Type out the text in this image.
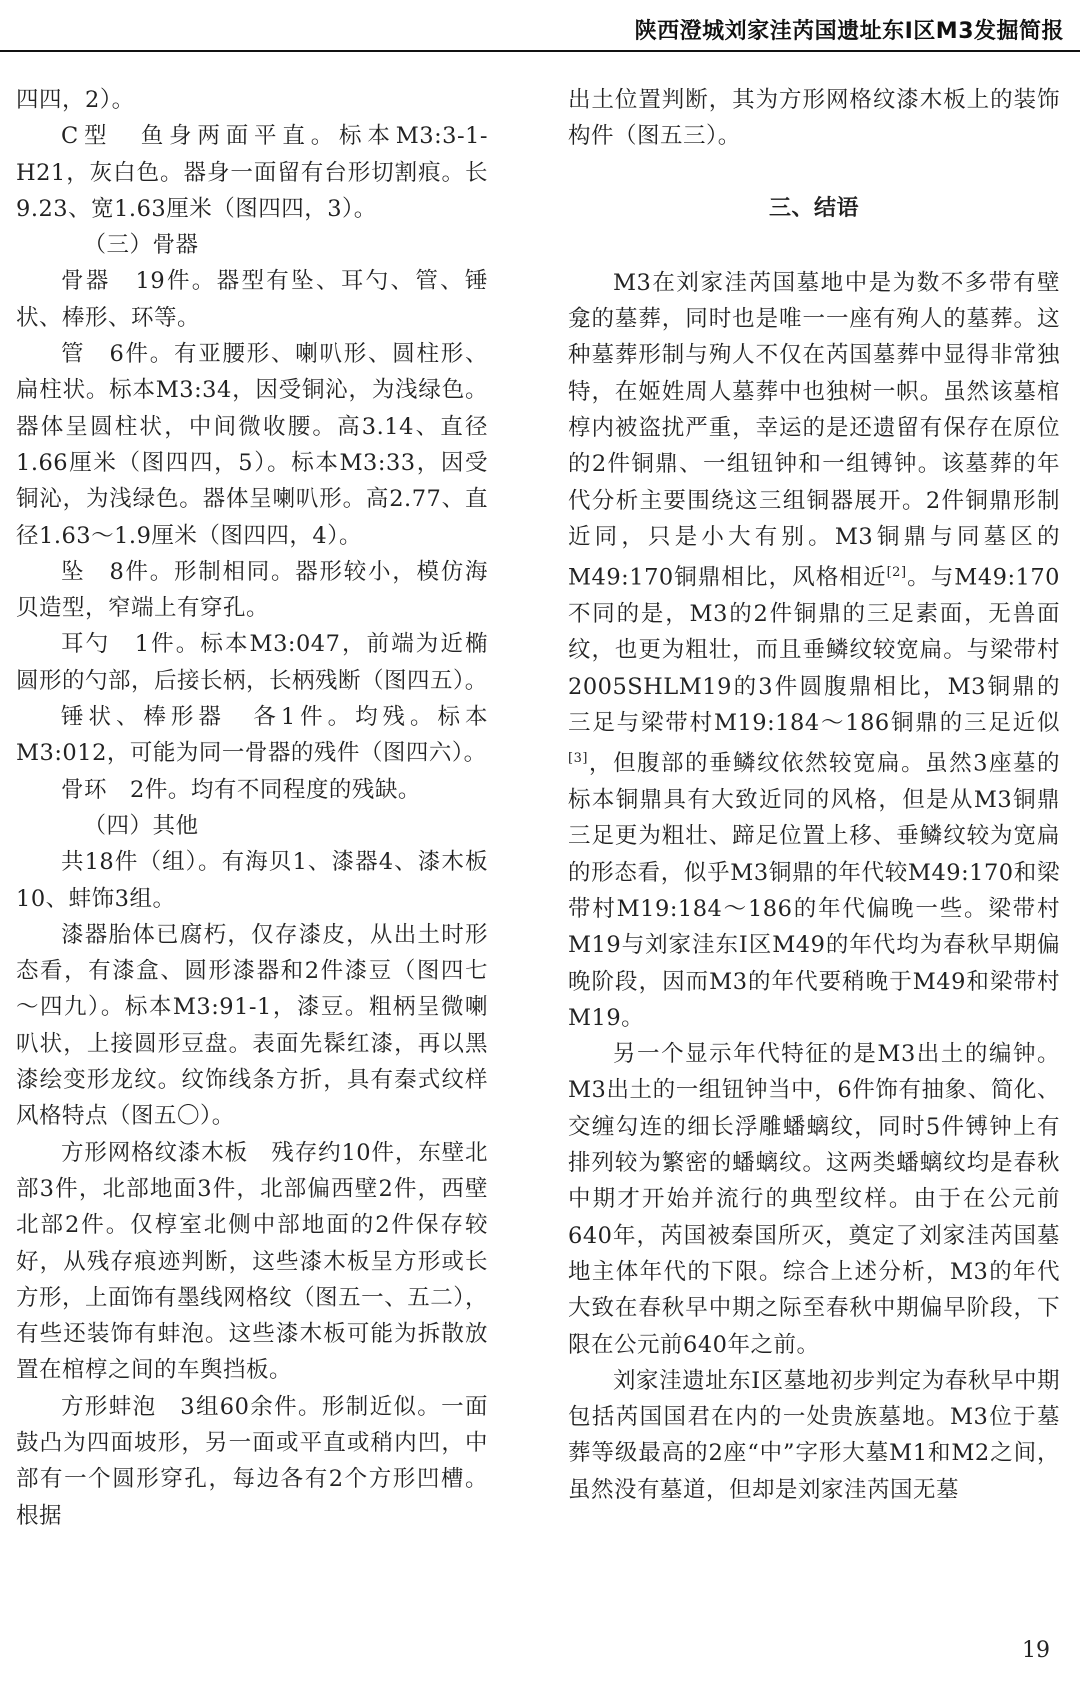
陕西澄城刘家洼芮国遗址东Ⅰ区M3发掘简报

四四，2）。

C型　鱼身两面平直。标本M3:3-1-H21，灰白色。器身一面留有台形切割痕。长9.23、宽1.63厘米（图四四，3）。

（三）骨器

骨器　19件。器型有坠、耳勺、管、锤状、棒形、环等。

管　6件。有亚腰形、喇叭形、圆柱形、扁柱状。标本M3:34，因受铜沁，为浅绿色。器体呈圆柱状，中间微收腰。高3.14、直径1.66厘米（图四四，5）。标本M3:33，因受铜沁，为浅绿色。器体呈喇叭形。高2.77、直径1.63～1.9厘米（图四四，4）。

坠　8件。形制相同。器形较小，模仿海贝造型，窄端上有穿孔。

耳勺　1件。标本M3:047，前端为近椭圆形的勺部，后接长柄，长柄残断（图四五）。

锤状、棒形器　各1件。均残。标本M3:012，可能为同一骨器的残件（图四六）。

骨环　2件。均有不同程度的残缺。

（四）其他

共18件（组）。有海贝1、漆器4、漆木板10、蚌饰3组。

漆器胎体已腐朽，仅存漆皮，从出土时形态看，有漆盒、圆形漆器和2件漆豆（图四七～四九）。标本M3:91-1，漆豆。粗柄呈微喇叭状，上接圆形豆盘。表面先髹红漆，再以黑漆绘变形龙纹。纹饰线条方折，具有秦式纹样风格特点（图五〇）。

方形网格纹漆木板　残存约10件，东壁北部3件，北部地面3件，北部偏西壁2件，西壁北部2件。仅椁室北侧中部地面的2件保存较好，从残存痕迹判断，这些漆木板呈方形或长方形，上面饰有墨线网格纹（图五一、五二），有些还装饰有蚌泡。这些漆木板可能为拆散放置在棺椁之间的车舆挡板。

方形蚌泡　3组60余件。形制近似。一面鼓凸为四面坡形，另一面或平直或稍内凹，中部有一个圆形穿孔，每边各有2个方形凹槽。根据

出土位置判断，其为方形网格纹漆木板上的装饰构件（图五三）。

三、结语

M3在刘家洼芮国墓地中是为数不多带有壁龛的墓葬，同时也是唯一一座有殉人的墓葬。这种墓葬形制与殉人不仅在芮国墓葬中显得非常独特，在姬姓周人墓葬中也独树一帜。虽然该墓棺椁内被盗扰严重，幸运的是还遗留有保存在原位的2件铜鼎、一组钮钟和一组镈钟。该墓葬的年代分析主要围绕这三组铜器展开。2件铜鼎形制近同，只是小大有别。M3铜鼎与同墓区的M49:170铜鼎相比，风格相近[2]。与M49:170不同的是，M3的2件铜鼎的三足素面，无兽面纹，也更为粗壮，而且垂鳞纹较宽扁。与梁带村2005SHLM19的3件圆腹鼎相比，M3铜鼎的三足与梁带村M19:184～186铜鼎的三足近似[3]，但腹部的垂鳞纹依然较宽扁。虽然3座墓的标本铜鼎具有大致近同的风格，但是从M3铜鼎三足更为粗壮、蹄足位置上移、垂鳞纹较为宽扁的形态看，似乎M3铜鼎的年代较M49:170和梁带村M19:184～186的年代偏晚一些。梁带村M19与刘家洼东Ⅰ区M49的年代均为春秋早期偏晚阶段，因而M3的年代要稍晚于M49和梁带村M19。

另一个显示年代特征的是M3出土的编钟。M3出土的一组钮钟当中，6件饰有抽象、简化、交缠勾连的细长浮雕蟠螭纹，同时5件镈钟上有排列较为繁密的蟠螭纹。这两类蟠螭纹均是春秋中期才开始并流行的典型纹样。由于在公元前640年，芮国被秦国所灭，奠定了刘家洼芮国墓地主体年代的下限。综合上述分析，M3的年代大致在春秋早中期之际至春秋中期偏早阶段，下限在公元前640年之前。

刘家洼遗址东Ⅰ区墓地初步判定为春秋早中期包括芮国国君在内的一处贵族墓地。M3位于墓葬等级最高的2座“中”字形大墓M1和M2之间，虽然没有墓道，但却是刘家洼芮国无墓

19
